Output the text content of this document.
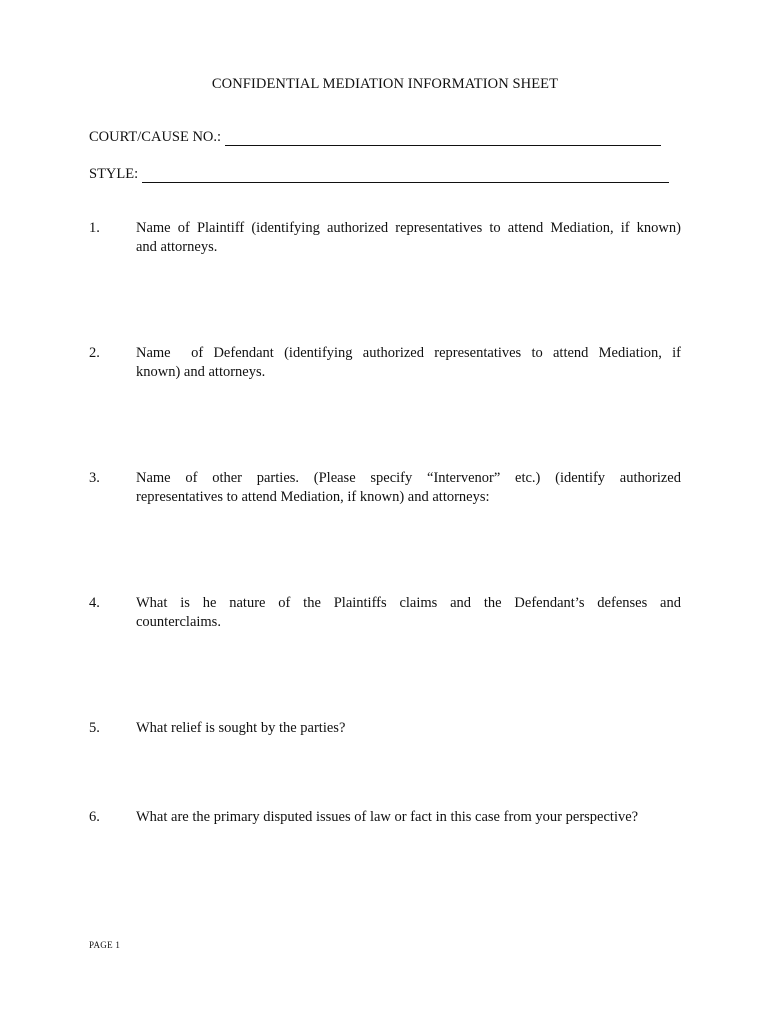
CONFIDENTIAL MEDIATION INFORMATION SHEET
COURT/CAUSE NO.:
STYLE:
1.	Name of Plaintiff (identifying authorized representatives to attend Mediation, if known)
and attorneys.
2.	Name  of Defendant (identifying authorized representatives to attend Mediation, if
known) and attorneys.
3.	Name of other parties. (Please specify “Intervenor” etc.) (identify authorized
representatives to attend Mediation, if known) and attorneys:
4.	What is he nature of the Plaintiffs claims and the Defendant’s defenses and
counterclaims.
5.	What relief is sought by the parties?
6.	What are the primary disputed issues of law or fact in this case from your perspective?
PAGE 1
